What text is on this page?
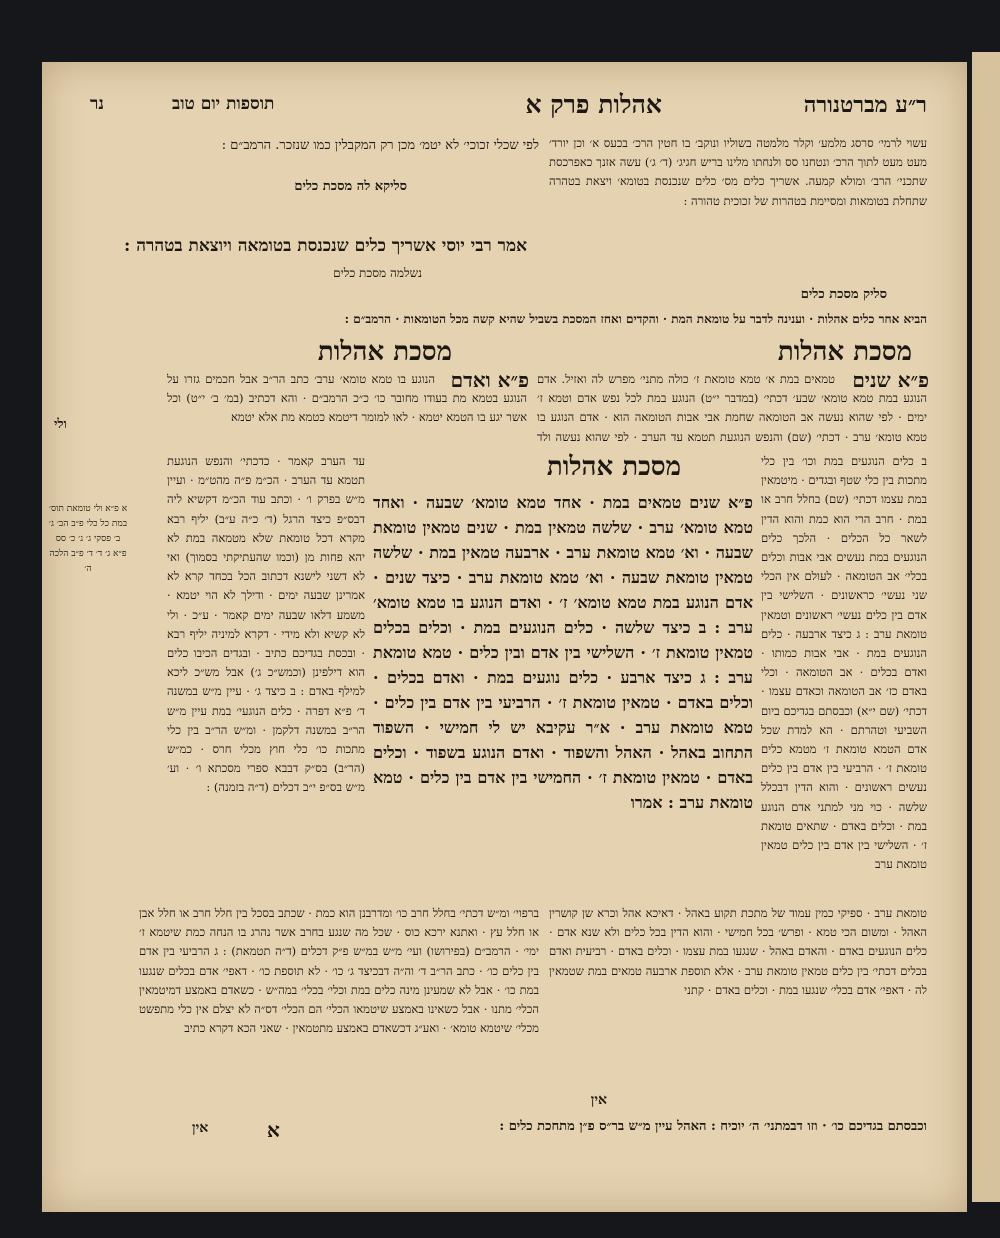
ר״ע מברטנורה
אהלות פרק א
תוספות יום טוב
נר
עשוי לרמי׳ סרסג מלמע׳ וקלר מלמטה בשוליו ונוקב׳ בו חטין הרכ׳ בכעס א׳ וכן יורד׳ מעט מעט לתוך הרכ׳ ונטחנו סס ולנחתו מלינו בריש חגיג׳ (ד׳ ג׳) עשה אזנך כאפרכסת שתכני׳ הרב׳ ומולא קמעה. אשריך כלים מס׳ כלים שנכנסת בטומא׳ ויצאת בטהרה שתחלת בטומאות ומסיימת בטהרות של זכוכית טהורה :
סליק מסכת כלים
לפי שכלי זכוכי׳ לא יטמ׳ מכן רק המקבלין כמו שנזכר. הרמב״ם :
סליקא לה מסכת כלים
אמר רבי יוסי אשריך כלים שנכנסת בטומאה ויוצאת בטהרה :
נשלמה מסכת כלים
הביא אחר כלים אהלות · וענינה לדבר על טומאת המת · והקדים ואחז המסכת בשביל שהיא קשה מכל הטומאות · הרמב״ם :
מסכת אהלות
מסכת אהלות
פ״א שנים
פ״א ואדם	טמאים במת א׳ טמא טומאת ז׳ כולה מתני׳ מפרש לה ואזיל. אדם הנוגע במת טמא טומא׳ שבע׳ דכתי׳ (במדבר י״ט) הנוגע במת לכל נפש אדם וטמא ז׳ ימים · לפי שהוא נעשה אב הטומאה שחמת אבי אבות הטומאה הוא · אדם הנוגע בו טמא טומא׳ ערב · דכתי׳ (שם) והנפש הנוגעת תטמא עד הערב · לפי שהוא נעשה ולד
הנוגע בו טמא טומא׳ ערב׳ כתב הר״ב אבל חכמים גזרו על הנוגע בטמא מת בעודו מחובר כו׳ כ״כ הרמב״ם · והא דכתיב (במ׳ ב׳ י״ט) וכל אשר יגע בו הטמא יטמא · לאו למומר דיטמא כטמא מת אלא יטמא
ולי
ב כלים הנוגעים במת וכו׳ בין כלי מתכות בין כלי שטף ובגדים · מיטמאין במת עצמו דכתי׳ (שם) בחלל חרב או במת · חרב הרי הוא כמת והוא הדין לשאר כל הכלים · הלכך כלים הנוגעים במת נעשים אבי אבות וכלים בכלי׳ אב הטומאה · לעולם אין הכלי שני נעשי׳ כראשונים · השלישי בין אדם בין כלים נעשי׳ ראשונים וטמאין טומאת ערב : ג כיצד ארבעה · כלים הנוגעים במת · אבי אבות כמותו · ואדם בכלים · אב הטומאה · וכלי באדם כז׳ אב הטומאה וכאדם עצמו · דכתי׳ (שם י״א) וכבסתם בגדיכם ביום השביעי וטהרתם · הא למדת שכל אדם הטמא טומאת ז׳ מטמא כלים טומאת ז׳ · הרביעי בין אדם בין כלים נעשים ראשונים · והוא הדין דבכלל שלשה · כוי מני למתני אדם הנוגע במת · וכלים באדם · שתאים טומאת ז׳ · השלישי בין אדם בין כלים טמאין טומאת ערב
מסכת אהלות
פ״א שנים טמאים במת · אחד טמא טומא׳ שבעה · ואחד טמא טומא׳ ערב · שלשה טמאין במת · שנים טמאין טומאת שבעה · וא׳ טמא טומאת ערב · ארבעה טמאין במת · שלשה טמאין טומאת שבעה · וא׳ טמא טומאת ערב · כיצד שנים · אדם הנוגע במת טמא טומא׳ ז׳ · ואדם הנוגע בו טמא טומא׳ ערב : ב כיצד שלשה · כלים הנוגעים במת · וכלים בכלים טמאין טומאת ז׳ · השלישי בין אדם ובין כלים · טמא טומאת ערב : ג כיצד ארבע · כלים נוגעים במת · ואדם בכלים · וכלים באדם · טמאין טומאת ז׳ · הרביעי בין אדם בין כלים · טמא טומאת ערב · א״ר עקיבא יש לי חמישי · השפוד התחוב באהל · האהל והשפוד · ואדם הנוגע בשפוד · וכלים באדם · טמאין טומאת ז׳ · החמישי בין אדם בין כלים · טמא טומאת ערב : אמרו
עד הערב קאמר · כדכתי׳ והנפש הנוגעת תטמא עד הערב · הכ״מ פ״ה מהט״מ · ועיין מ״ש בפרק ו׳ · וכתב עוד הכ״מ דקשיא ליה דבס״פ כיצד הרגל (ד׳ כ״ה ע״ב) יליף רבא מקרא דכל טומאת שלא מטמאה במת לא יהא פחות מן (וכמו שהעתיקתי בסמוך) ואי לא דשני לישנא דכתוב הכל בכחד קרא לא אמרינן שבעה ימים · ודילך לא הוי יטמא · משמע דלאו שבעה ימים קאמר · ע״כ · ולי לא קשיא ולא מידי · דקרא למיניה יליף רבא · ובכסת בגדיכם כתיב · ובגדים הכיבו כלים הוא דילפינן (וכמש״כ ג׳) אבל מש״כ ליכא למילף באדם : ב כיצד ג׳ · עיין מ״ש במשנה ד׳ פ״א דפרה · כלים הנוגעי׳ במת עיין מ״ש הר״ב במשנה דלקמן · ומ״ש הר״ב בין כלי מתכות כו׳ כלי חוץ מכלי חרס · כמ״ש (הר״ב) בס״ק דבבא ספרי מסכתא ו׳ · וע׳ מ״ש בס״פ י״ב דכלים (ד״ה בזמנה) :
א פ״א ולי טומאת תוס׳ במת כל כלי פ״ב הב׳ ג׳ ב׳ פסקי ג׳ נ׳ כ׳ סס פ״א ג׳ ד׳ ד׳ פ״ב הלכה ה׳
טומאת ערב · ספיקי כמין עמוד של מתכת תקוע באהל · דאיכא אהל וכרא שן קושרין האהל · ומשום הכי טמא · ופרש׳ בכל חמישי · והוא הדין בכל כלים ולא שנא אדם · כלים הנוגעים באדם · והאדם באהל · שנגעו במת עצמו · וכלים באדם · רביעית ואדם בכלים דכתי׳ בין כלים טמאין טומאת ערב · אלא תוספת ארבעה טמאים במת שטמאין לה · דאפי׳ אדם בכלי׳ שנגעו במת · וכלים באדם · קתני
ברפוי׳ ומ״ש דכתי׳ בחלל חרב כו׳ ומדרבנן הוא כמת · שכתב בסכל בין חלל חרב או חלל אבן או חלל עץ · ואתנא ירכא כוס · שכל מה שנגע בחרב אשר נהרג בו הנחה כמת שיטמא ז׳ ימי׳ · הרמב״ם (בפירושו) ועי׳ מ״ש במ״ש פ״ק דכלים (ד״ה תטמאת) : ג הרביעי בין אדם בין כלים כו׳ · כתב הר״ב ד׳ וה״ה דבכיצד ג׳ כו׳ · לא תוספת כו׳ · דאפי׳ אדם בכלים שנגעו במת כו׳ · אבל לא שמעינן מינה כלים במת וכלי׳ בכלי׳ במה״ש · כשאדם באמצע דמיטמאין הכלי׳ מתנו · אבל כשאינו באמצע שיטמאו הכלי׳ הם הכלי׳ דס״ה לא יצלם אין כלי מתפשט מכלי׳ שיטמא טומא׳ · ואע״ג דכשאדם באמצע מתטמאין · שאני הכא דקרא כתיב
וכבסתם בגדיכם כו׳ · וזו דבמתני׳ ה׳ יוכיח : האהל עיין מ״ש בר״ס פ״ן מתחכת כלים :
אין
אין	א
